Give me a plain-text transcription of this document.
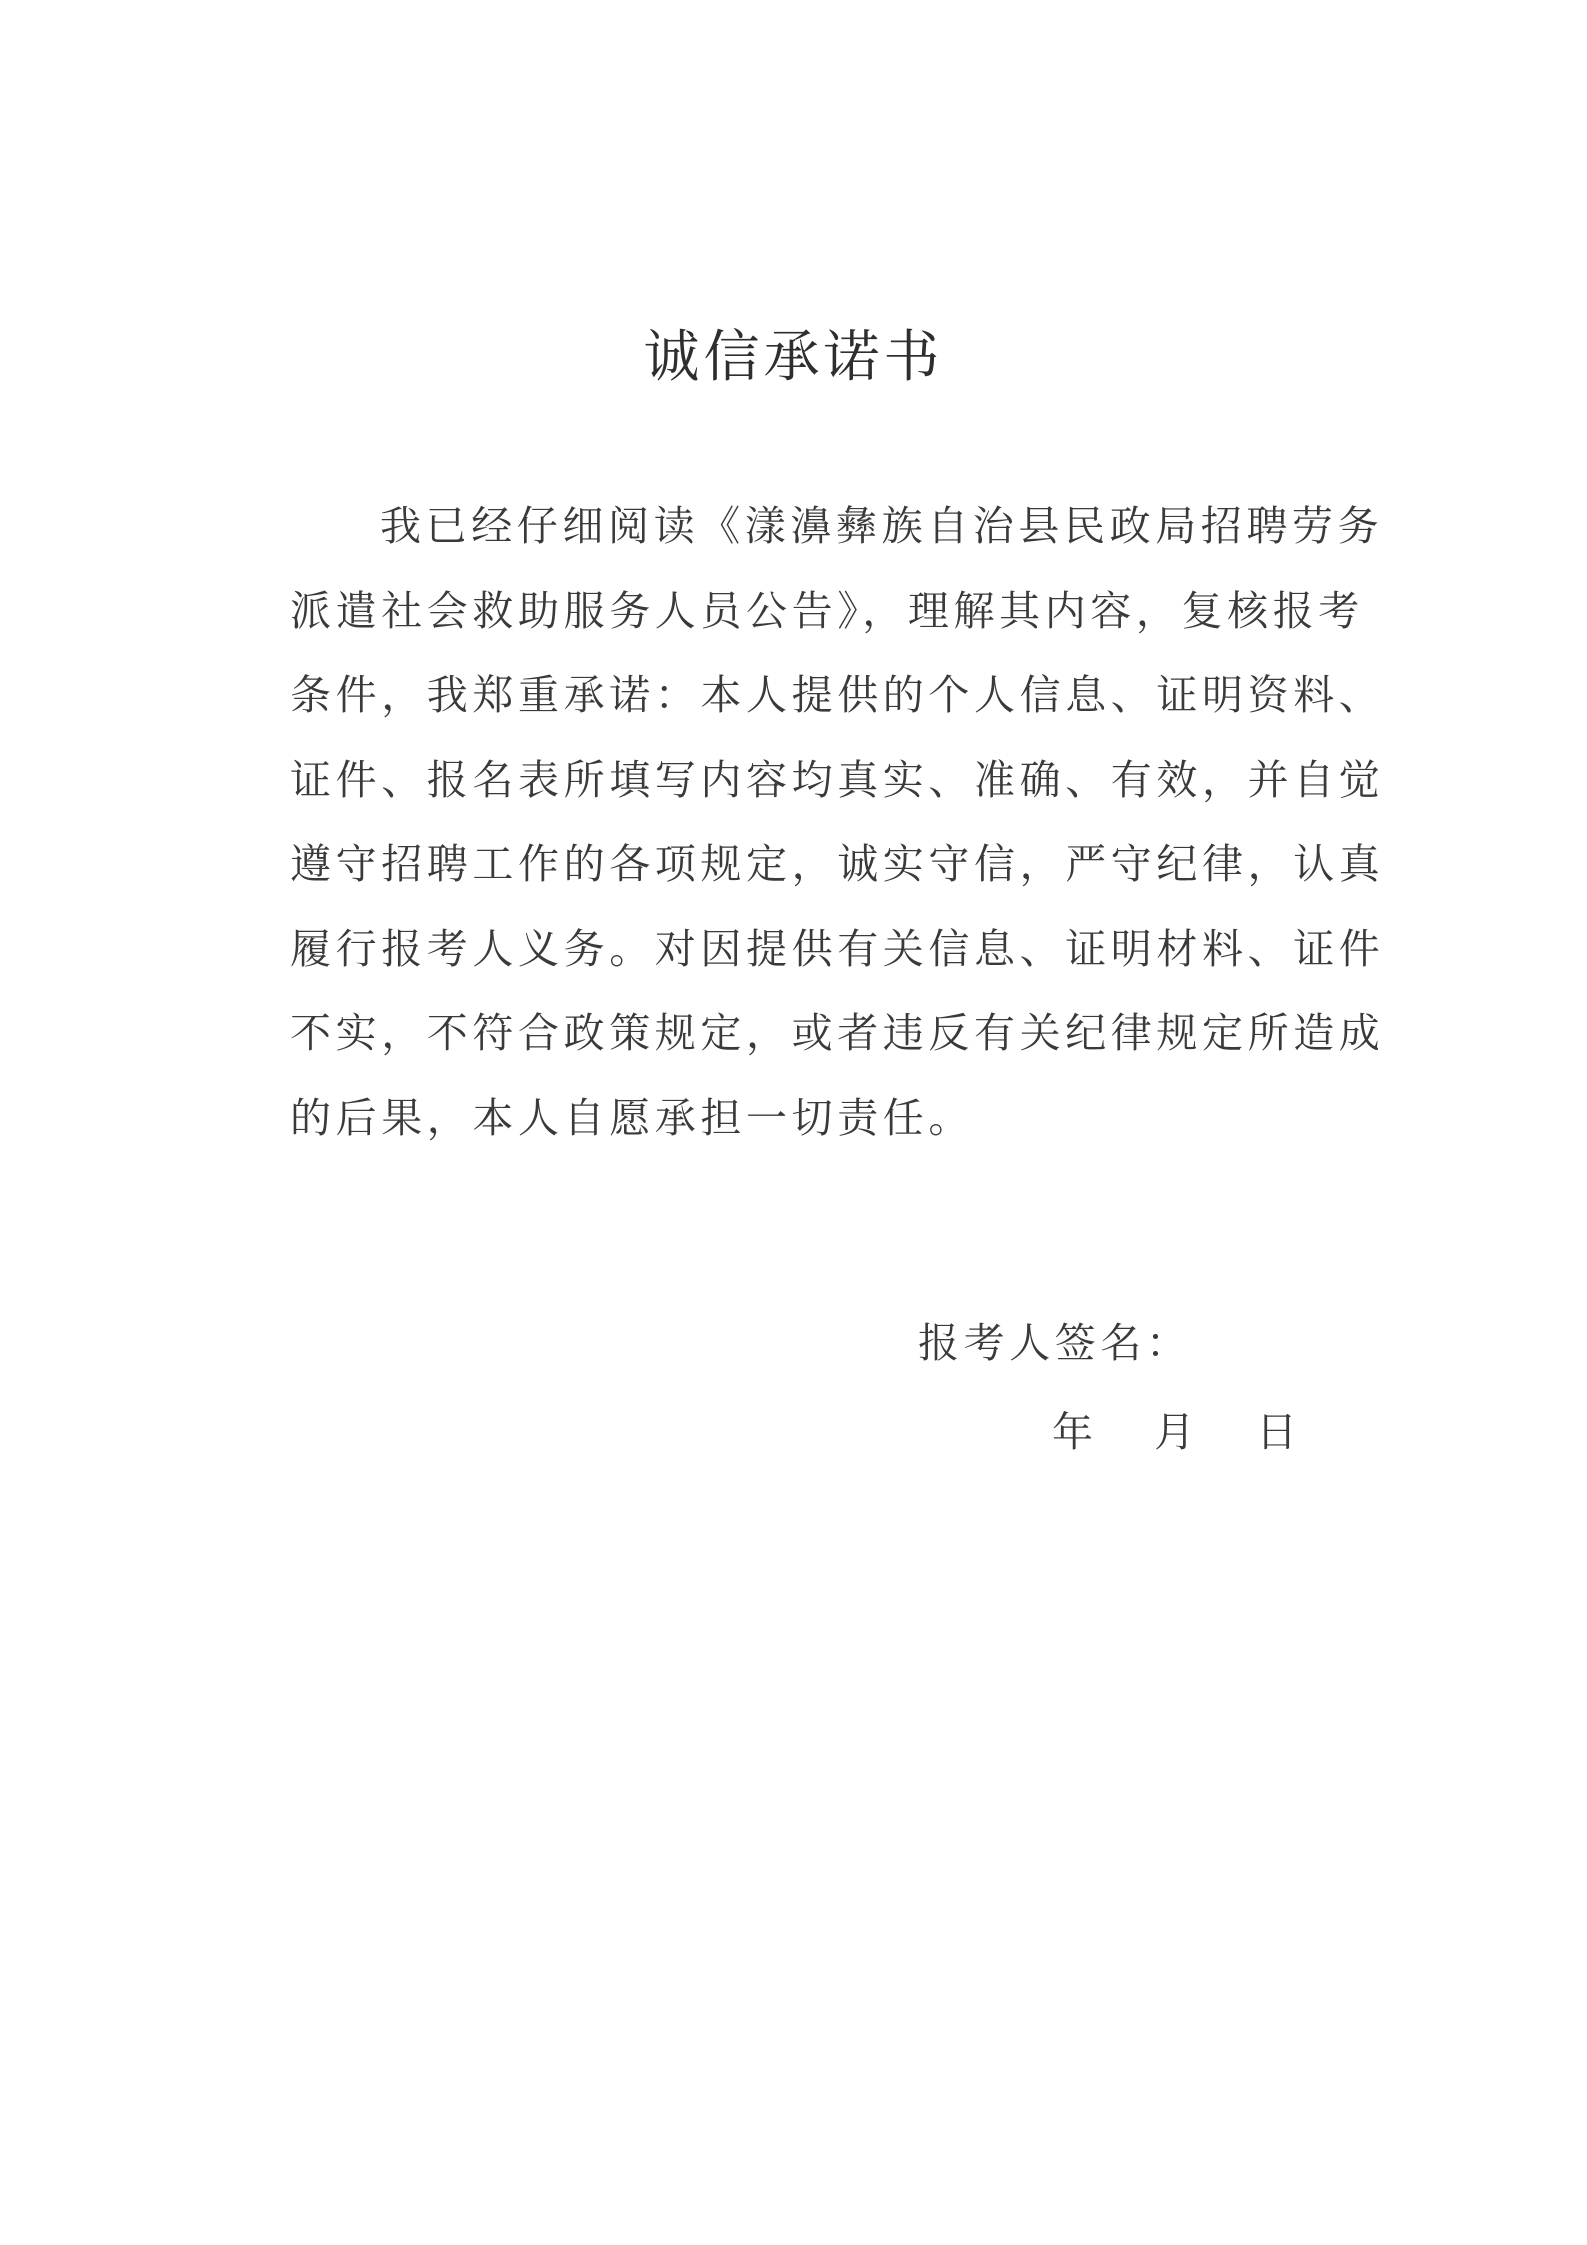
诚信承诺书
我已经仔细阅读《漾濞彝族自治县民政局招聘劳务
派遣社会救助服务人员公告》，理解其内容，复核报考
条件，我郑重承诺：本人提供的个人信息、证明资料、
证件、报名表所填写内容均真实、准确、有效，并自觉
遵守招聘工作的各项规定，诚实守信，严守纪律，认真
履行报考人义务。对因提供有关信息、证明材料、证件
不实，不符合政策规定，或者违反有关纪律规定所造成
的后果，本人自愿承担一切责任。
报考人签名：
年 月 日
